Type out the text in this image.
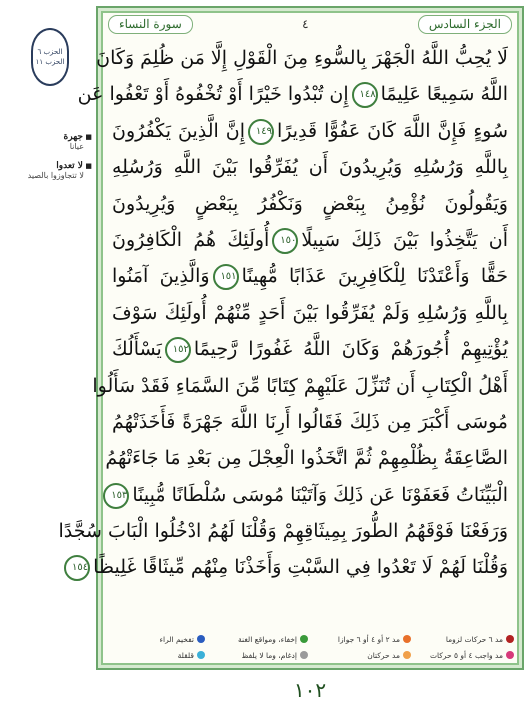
الحزب ٦
الحزب ١١
■ جهرة
عيانا
■ لا تعدوا
لا تتجاوزوا بالصيد
سورة النساء	٤	الجزء السادس
لَا يُحِبُّ اللَّهُ الْجَهْرَ بِالسُّوءِ مِنَ الْقَوْلِ إِلَّا مَن ظُلِمَ وَكَانَ
اللَّهُ سَمِيعًا عَلِيمًا١٤٨إِن تُبْدُوا خَيْرًا أَوْ تُخْفُوهُ أَوْ تَعْفُوا عَن
سُوءٍ فَإِنَّ اللَّهَ كَانَ عَفُوًّا قَدِيرًا١٤٩إِنَّ الَّذِينَ يَكْفُرُونَ
بِاللَّهِ وَرُسُلِهِ وَيُرِيدُونَ أَن يُفَرِّقُوا بَيْنَ اللَّهِ وَرُسُلِهِ
وَيَقُولُونَ نُؤْمِنُ بِبَعْضٍ وَنَكْفُرُ بِبَعْضٍ وَيُرِيدُونَ
أَن يَتَّخِذُوا بَيْنَ ذَلِكَ سَبِيلًا١٥٠أُولَئِكَ هُمُ الْكَافِرُونَ
حَقًّا وَأَعْتَدْنَا لِلْكَافِرِينَ عَذَابًا مُّهِينًا١٥١وَالَّذِينَ آمَنُوا
بِاللَّهِ وَرُسُلِهِ وَلَمْ يُفَرِّقُوا بَيْنَ أَحَدٍ مِّنْهُمْ أُولَئِكَ سَوْفَ
يُؤْتِيهِمْ أُجُورَهُمْ وَكَانَ اللَّهُ غَفُورًا رَّحِيمًا١٥٢يَسْأَلُكَ
أَهْلُ الْكِتَابِ أَن تُنَزِّلَ عَلَيْهِمْ كِتَابًا مِّنَ السَّمَاءِ فَقَدْ سَأَلُوا
مُوسَى أَكْبَرَ مِن ذَلِكَ فَقَالُوا أَرِنَا اللَّهَ جَهْرَةً فَأَخَذَتْهُمُ
الصَّاعِقَةُ بِظُلْمِهِمْ ثُمَّ اتَّخَذُوا الْعِجْلَ مِن بَعْدِ مَا جَاءَتْهُمُ
الْبَيِّنَاتُ فَعَفَوْنَا عَن ذَلِكَ وَآتَيْنَا مُوسَى سُلْطَانًا مُّبِينًا١٥٣
وَرَفَعْنَا فَوْقَهُمُ الطُّورَ بِمِيثَاقِهِمْ وَقُلْنَا لَهُمُ ادْخُلُوا الْبَابَ سُجَّدًا
وَقُلْنَا لَهُمْ لَا تَعْدُوا فِي السَّبْتِ وَأَخَذْنَا مِنْهُم مِّيثَاقًا غَلِيظًا١٥٤
مد ٦ حركات لزوما
مد ٢ أو ٤ أو ٦ جوازا
إخفاء، ومواقع الغنة
تفخيم الراء
مد واجب ٤ أو ٥ حركات
مد حركتان
إدغام، وما لا يلفظ
قلقلة
١٠٢
